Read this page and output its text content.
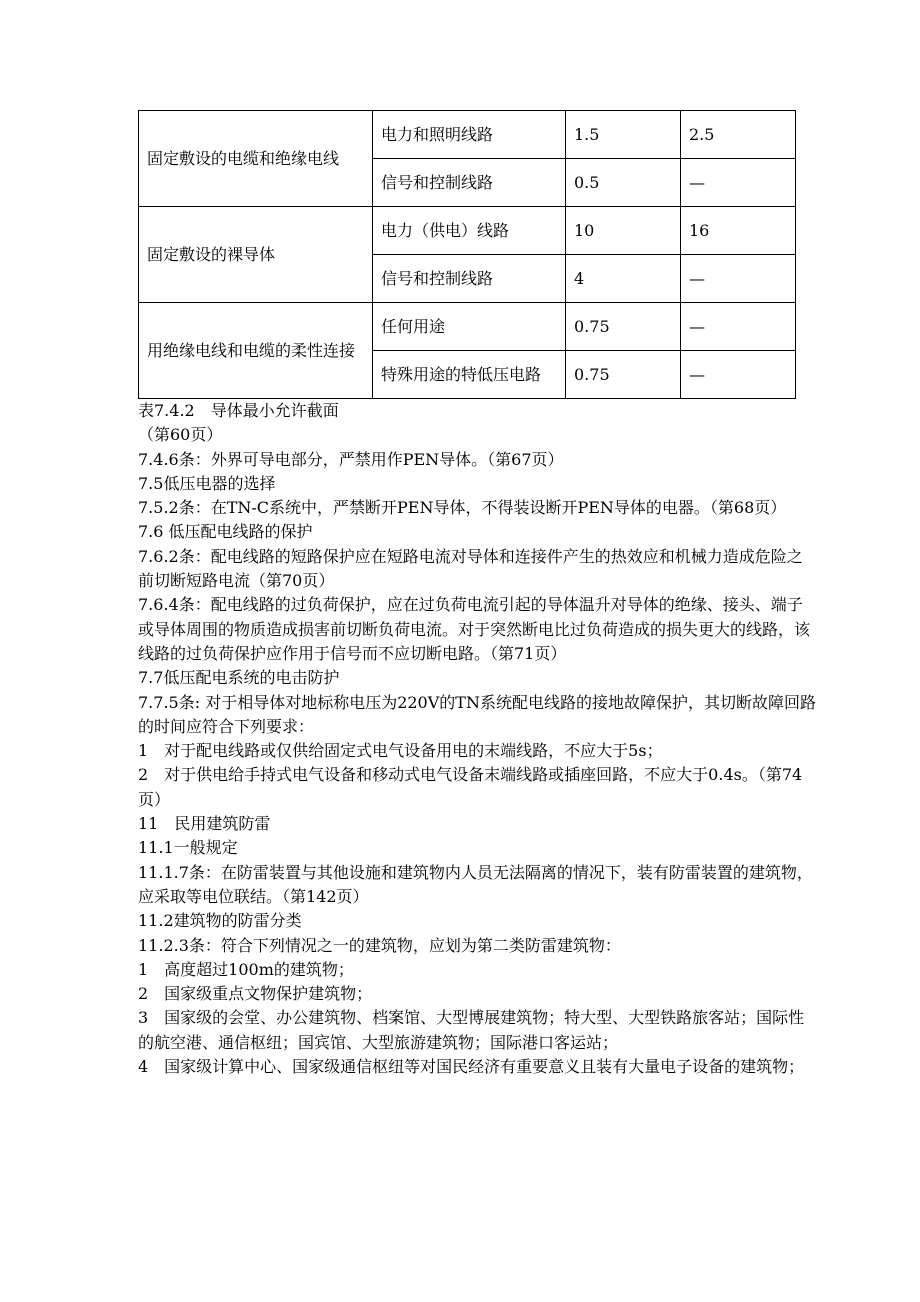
固定敷设的电缆和绝缘电线	电力和照明线路	1.5	2.5
	信号和控制线路	0.5	—
固定敷设的裸导体	电力（供电）线路	10	16
	信号和控制线路	4	—
用绝缘电线和电缆的柔性连接	任何用途	0.75	—
	特殊用途的特低压电路	0.75	—

表7.4.2　导体最小允许截面

（第60页）

7.4.6条：外界可导电部分，严禁用作PEN导体。（第67页）

7.5低压电器的选择

7.5.2条：在TN-C系统中，严禁断开PEN导体，不得装设断开PEN导体的电器。（第68页）

7.6 低压配电线路的保护

7.6.2条：配电线路的短路保护应在短路电流对导体和连接件产生的热效应和机械力造成危险之前切断短路电流（第70页）

7.6.4条：配电线路的过负荷保护，应在过负荷电流引起的导体温升对导体的绝缘、接头、端子或导体周围的物质造成损害前切断负荷电流。对于突然断电比过负荷造成的损失更大的线路，该线路的过负荷保护应作用于信号而不应切断电路。（第71页）

7.7低压配电系统的电击防护

7.7.5条: 对于相导体对地标称电压为220V的TN系统配电线路的接地故障保护，其切断故障回路的时间应符合下列要求：

1　对于配电线路或仅供给固定式电气设备用电的末端线路，不应大于5s；

2　对于供电给手持式电气设备和移动式电气设备末端线路或插座回路，不应大于0.4s。（第74页）

11　民用建筑防雷

11.1一般规定

11.1.7条：在防雷装置与其他设施和建筑物内人员无法隔离的情况下，装有防雷装置的建筑物，应采取等电位联结。（第142页）

11.2建筑物的防雷分类

11.2.3条：符合下列情况之一的建筑物，应划为第二类防雷建筑物：

1　高度超过100m的建筑物；

2　国家级重点文物保护建筑物；

3　国家级的会堂、办公建筑物、档案馆、大型博展建筑物；特大型、大型铁路旅客站；国际性的航空港、通信枢纽；国宾馆、大型旅游建筑物；国际港口客运站；

4　国家级计算中心、国家级通信枢纽等对国民经济有重要意义且装有大量电子设备的建筑物；
